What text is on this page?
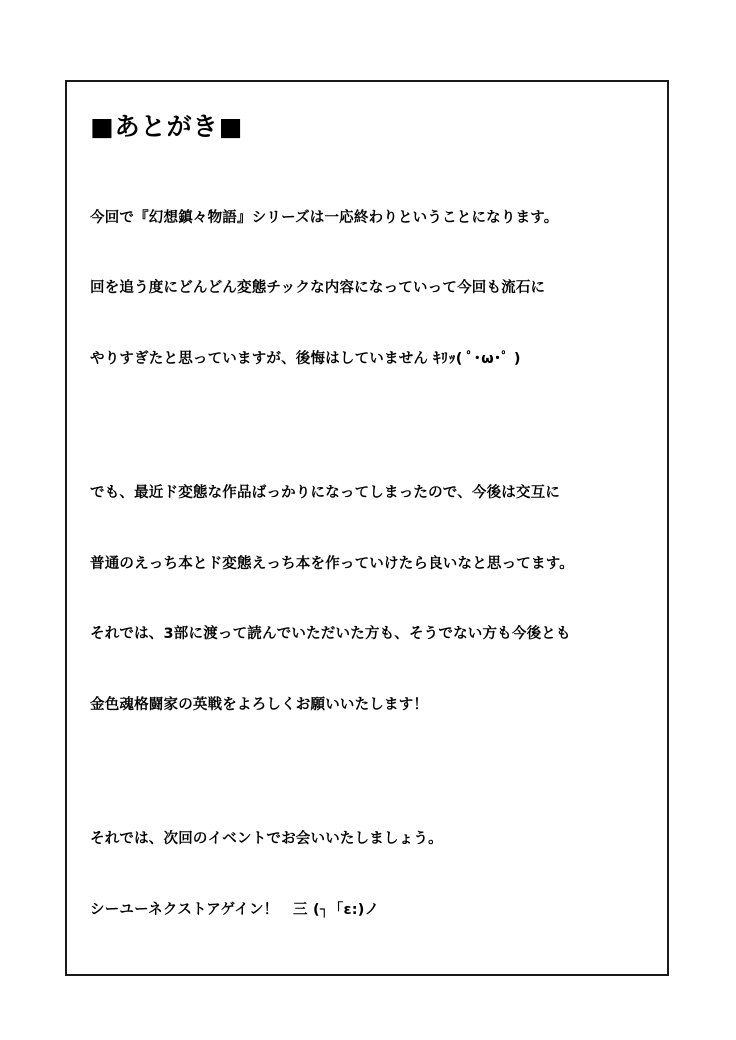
■あとがき■

今回で『幻想鎮々物語』シリーズは一応終わりということになります。

回を追う度にどんどん変態チックな内容になっていって今回も流石に

やりすぎたと思っていますが、後悔はしていません ｷﾘｯ( ﾟ･ω･ﾟ )

でも、最近ド変態な作品ばっかりになってしまったので、今後は交互に

普通のえっち本とド変態えっち本を作っていけたら良いなと思ってます。

それでは、3部に渡って読んでいただいた方も、そうでない方も今後とも

金色魂格闘家の英戦をよろしくお願いいたします！

それでは、次回のイベントでお会いいたしましょう。

シーユーネクストアゲイン！　三 (┐「ε:)ノ
